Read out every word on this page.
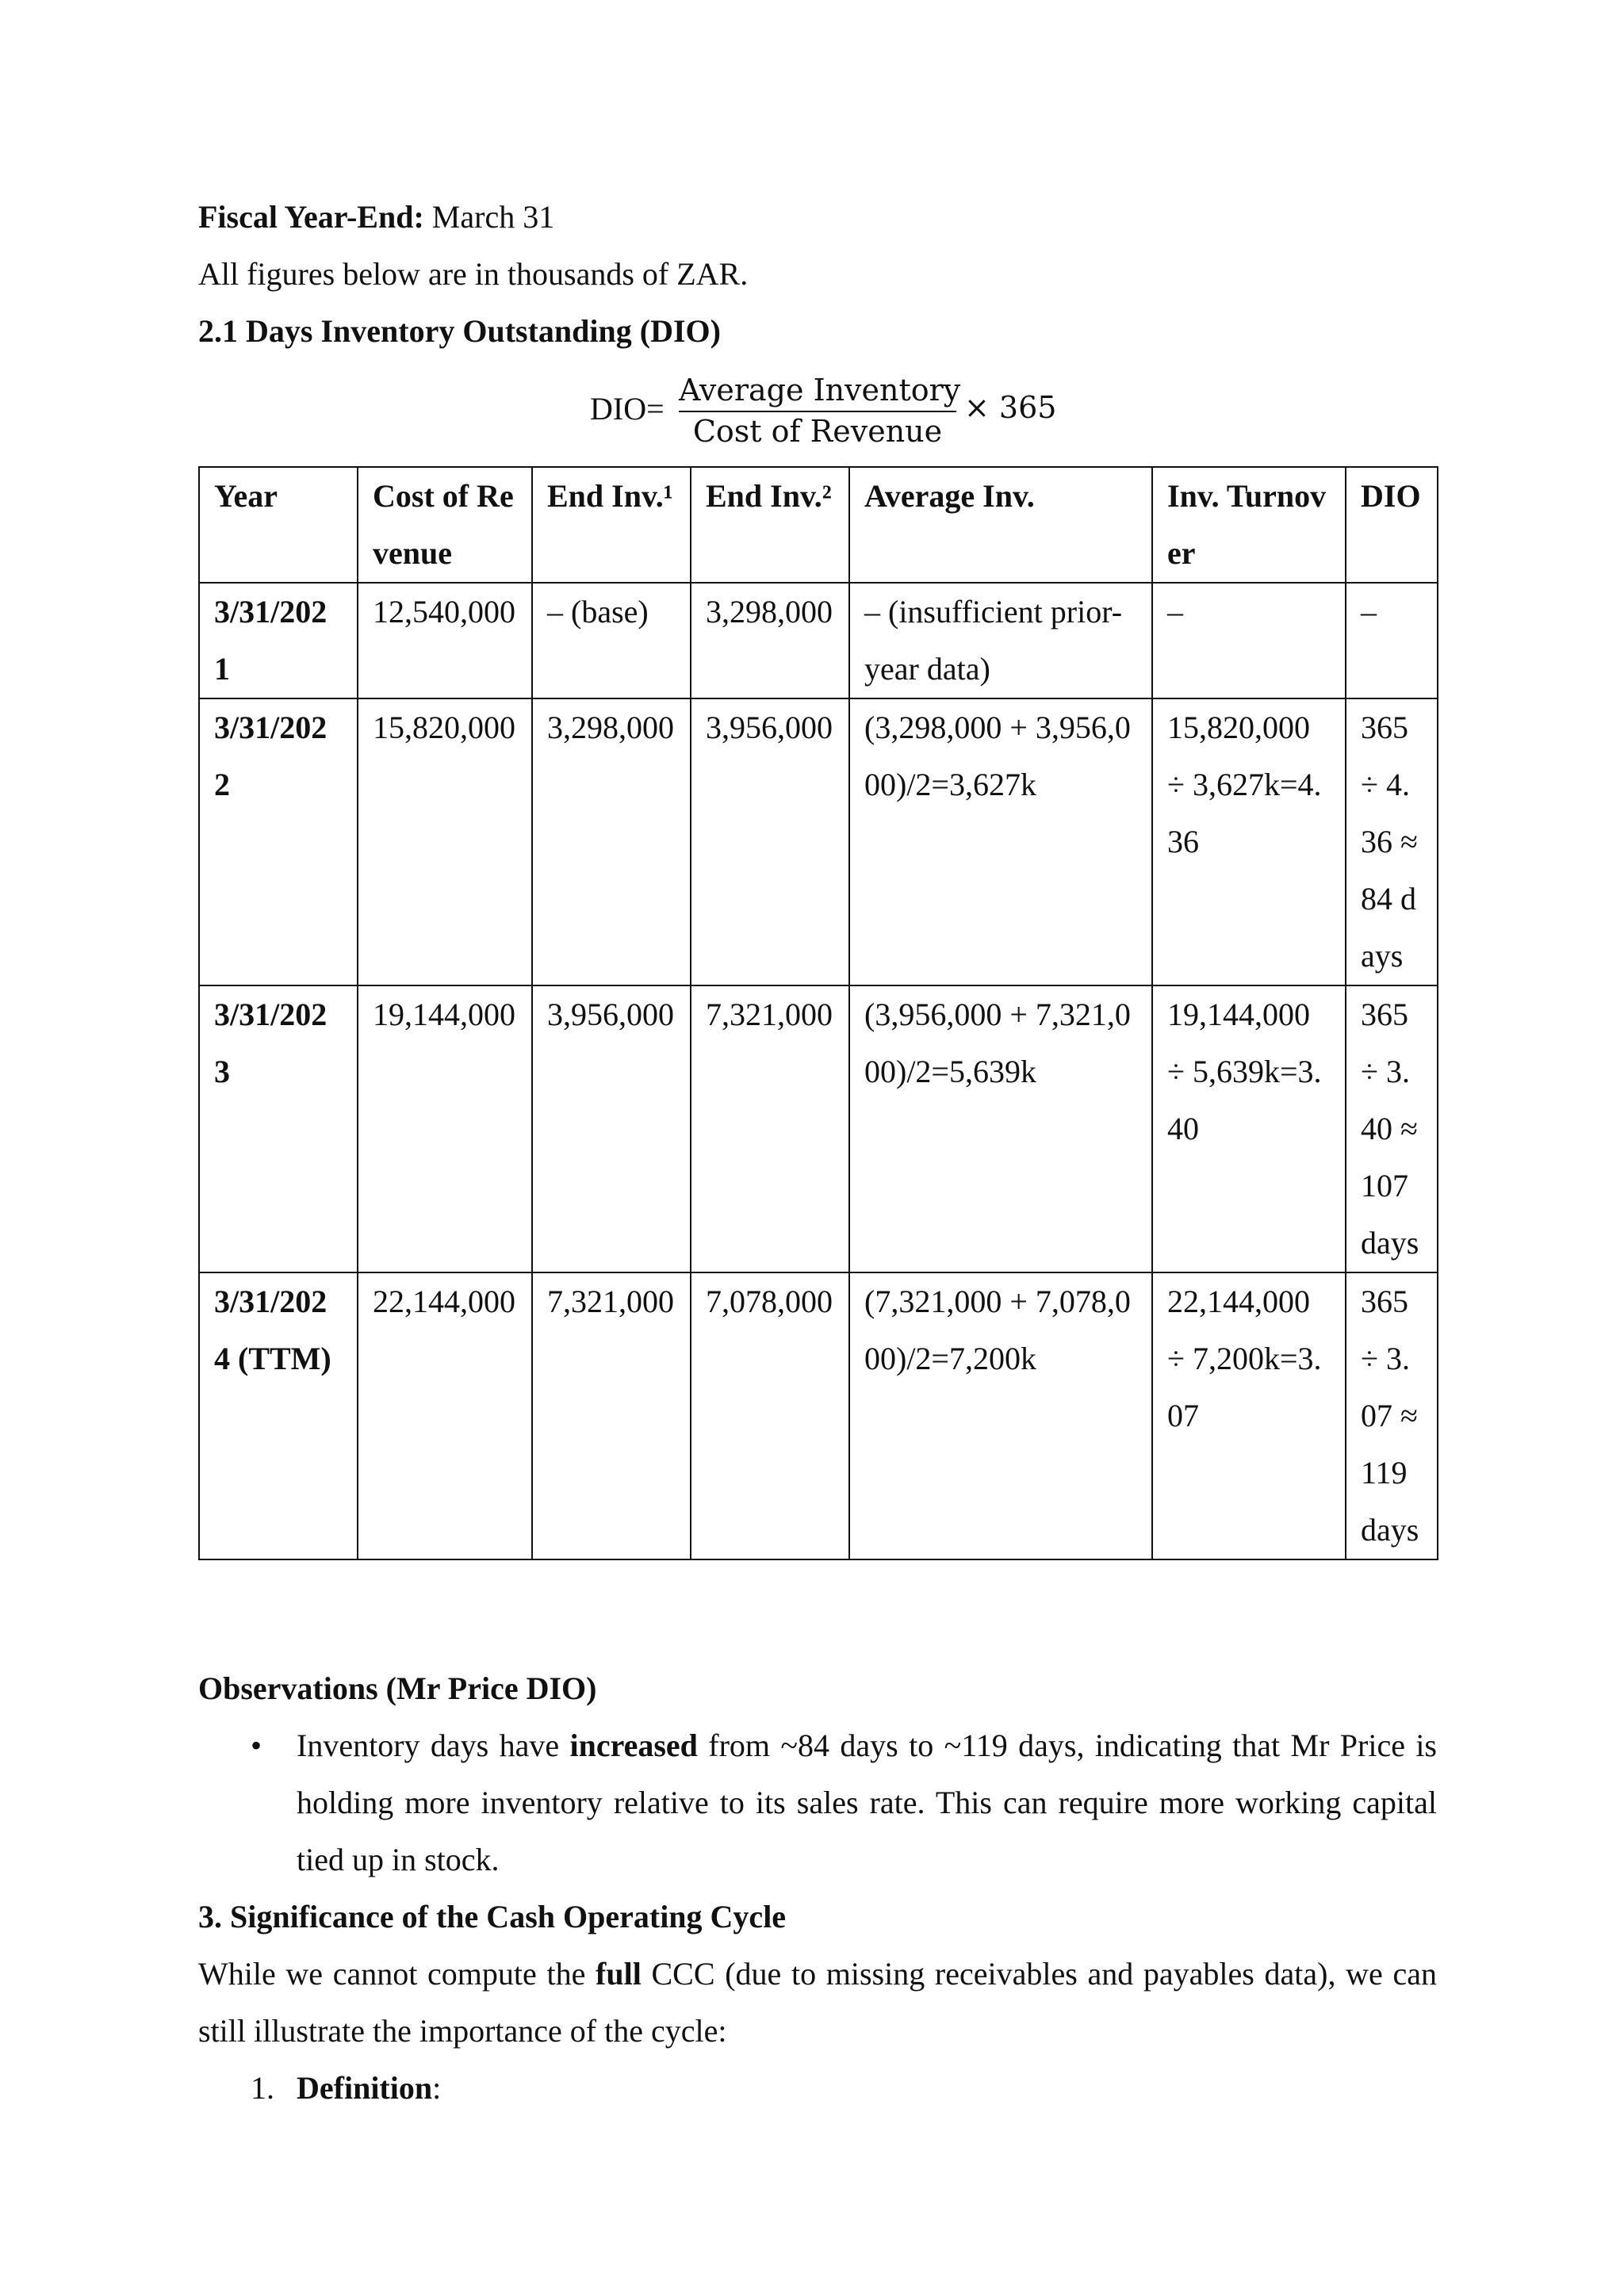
Fiscal Year-End: March 31
All figures below are in thousands of ZAR.
2.1 Days Inventory Outstanding (DIO)
DIO=
Average Inventory
Cost of Revenue
× 365
Year	Cost of Revenue	End Inv.¹	End Inv.²	Average Inv.	Inv. Turnover	DIO
3/31/2021	12,540,000	– (base)	3,298,000	– (insufficient prior-year data)	–	–
3/31/2022	15,820,000	3,298,000	3,956,000	(3,298,000 + 3,956,000)/2=3,627k	15,820,000 ÷ 3,627k=4.36	365 ÷ 4.36 ≈ 84 days
3/31/2023	19,144,000	3,956,000	7,321,000	(3,956,000 + 7,321,000)/2=5,639k	19,144,000 ÷ 5,639k=3.40	365 ÷ 3.40 ≈ 107 days
3/31/2024 (TTM)	22,144,000	7,321,000	7,078,000	(7,321,000 + 7,078,000)/2=7,200k	22,144,000 ÷ 7,200k=3.07	365 ÷ 3.07 ≈ 119 days
Observations (Mr Price DIO)
• Inventory days have increased from ~84 days to ~119 days, indicating that Mr Price is holding more inventory relative to its sales rate. This can require more working capital tied up in stock.
3. Significance of the Cash Operating Cycle
While we cannot compute the full CCC (due to missing receivables and payables data), we can still illustrate the importance of the cycle:
1. Definition:
